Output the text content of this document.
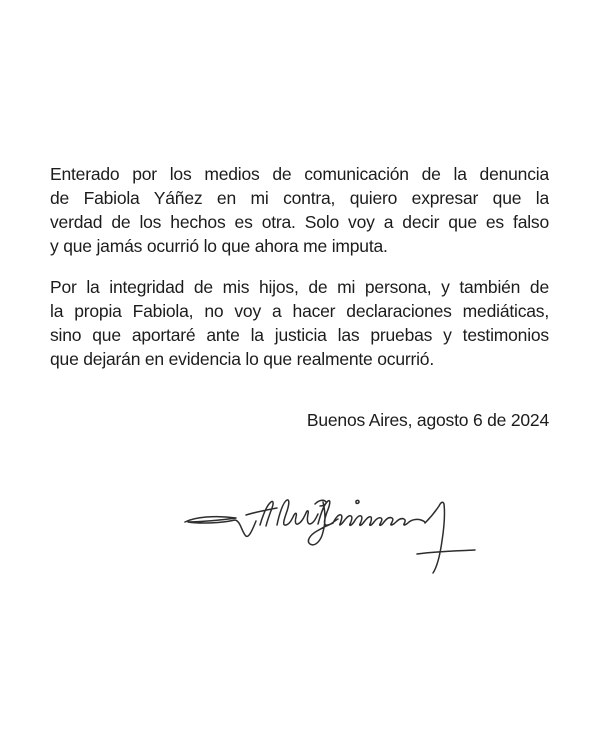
Enterado por los medios de comunicación de la denuncia
de Fabiola Yáñez en mi contra, quiero expresar que la
verdad de los hechos es otra. Solo voy a decir que es falso
y que jamás ocurrió lo que ahora me imputa.
Por la integridad de mis hijos, de mi persona, y también de
la propia Fabiola, no voy a hacer declaraciones mediáticas,
sino que aportaré ante la justicia las pruebas y testimonios
que dejarán en evidencia lo que realmente ocurrió.
Buenos Aires, agosto 6 de 2024
